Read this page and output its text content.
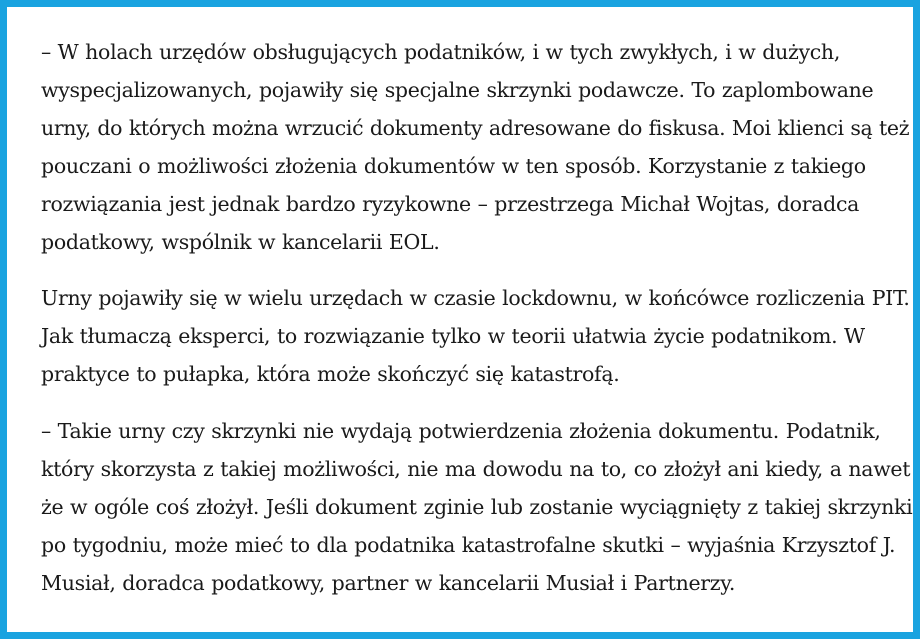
– W holach urzędów obsługujących podatników, i w tych zwykłych, i w dużych,
wyspecjalizowanych, pojawiły się specjalne skrzynki podawcze. To zaplombowane
urny, do których można wrzucić dokumenty adresowane do fiskusa. Moi klienci są też
pouczani o możliwości złożenia dokumentów w ten sposób. Korzystanie z takiego
rozwiązania jest jednak bardzo ryzykowne – przestrzega Michał Wojtas, doradca
podatkowy, wspólnik w kancelarii EOL.

Urny pojawiły się w wielu urzędach w czasie lockdownu, w końcówce rozliczenia PIT.
Jak tłumaczą eksperci, to rozwiązanie tylko w teorii ułatwia życie podatnikom. W
praktyce to pułapka, która może skończyć się katastrofą.

– Takie urny czy skrzynki nie wydają potwierdzenia złożenia dokumentu. Podatnik,
który skorzysta z takiej możliwości, nie ma dowodu na to, co złożył ani kiedy, a nawet
że w ogóle coś złożył. Jeśli dokument zginie lub zostanie wyciągnięty z takiej skrzynki
po tygodniu, może mieć to dla podatnika katastrofalne skutki – wyjaśnia Krzysztof J.
Musiał, doradca podatkowy, partner w kancelarii Musiał i Partnerzy.
